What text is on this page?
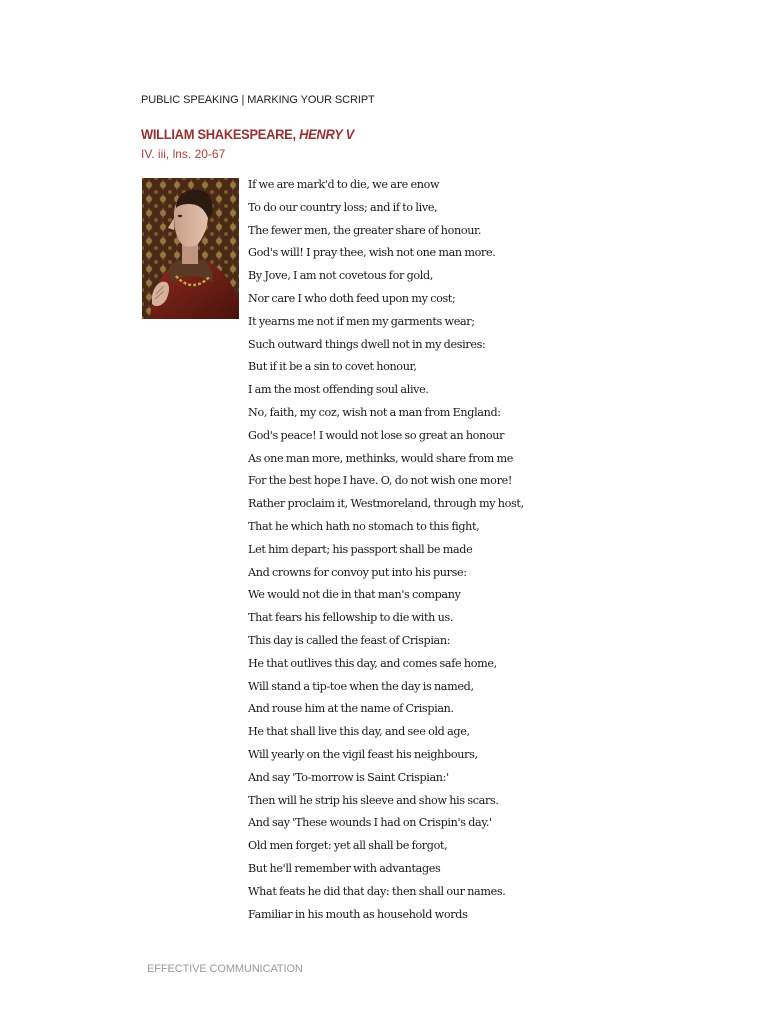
PUBLIC SPEAKING | MARKING YOUR SCRIPT
WILLIAM SHAKESPEARE, HENRY V
IV. iii, lns. 20-67
If we are mark'd to die, we are enow
To do our country loss; and if to live,
The fewer men, the greater share of honour.
God's will! I pray thee, wish not one man more.
By Jove, I am not covetous for gold,
Nor care I who doth feed upon my cost;
It yearns me not if men my garments wear;
Such outward things dwell not in my desires:
But if it be a sin to covet honour,
I am the most offending soul alive.
No, faith, my coz, wish not a man from England:
God's peace! I would not lose so great an honour
As one man more, methinks, would share from me
For the best hope I have. O, do not wish one more!
Rather proclaim it, Westmoreland, through my host,
That he which hath no stomach to this fight,
Let him depart; his passport shall be made
And crowns for convoy put into his purse:
We would not die in that man's company
That fears his fellowship to die with us.
This day is called the feast of Crispian:
He that outlives this day, and comes safe home,
Will stand a tip-toe when the day is named,
And rouse him at the name of Crispian.
He that shall live this day, and see old age,
Will yearly on the vigil feast his neighbours,
And say 'To-morrow is Saint Crispian:'
Then will he strip his sleeve and show his scars.
And say 'These wounds I had on Crispin's day.'
Old men forget: yet all shall be forgot,
But he'll remember with advantages
What feats he did that day: then shall our names.
Familiar in his mouth as household words
EFFECTIVE COMMUNICATION
